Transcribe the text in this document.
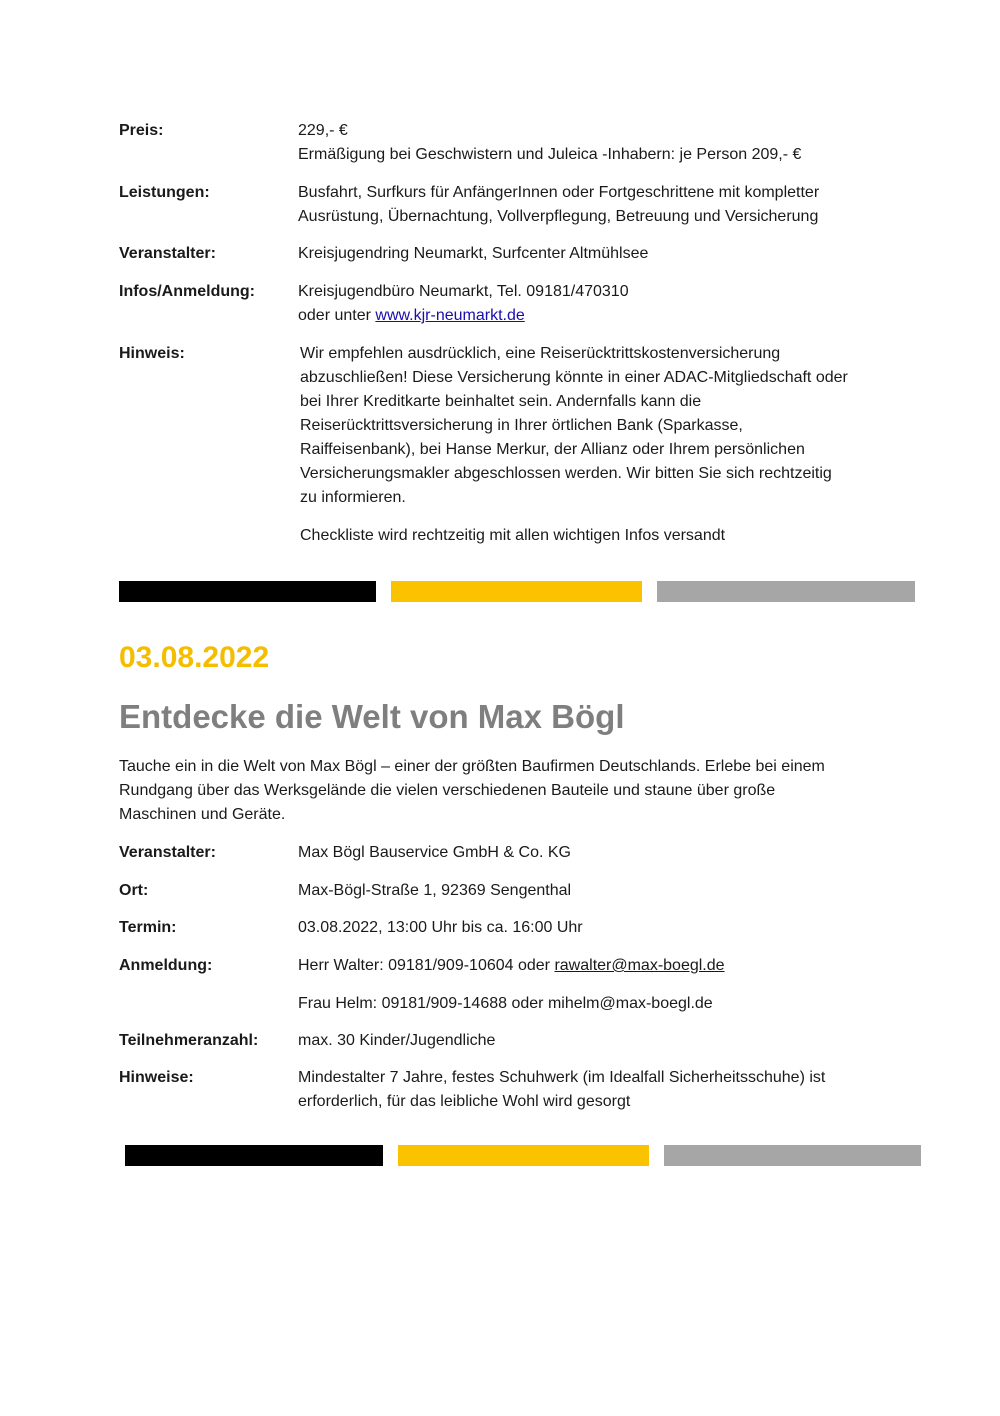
Preis:	229,- €
Ermäßigung bei Geschwistern und Juleica -Inhabern: je Person 209,- €
Leistungen:	Busfahrt, Surfkurs für AnfängerInnen oder Fortgeschrittene mit kompletter
Ausrüstung, Übernachtung, Vollverpflegung, Betreuung und Versicherung
Veranstalter:	Kreisjugendring Neumarkt, Surfcenter Altmühlsee
Infos/Anmeldung:	Kreisjugendbüro Neumarkt, Tel. 09181/470310
oder unter www.kjr-neumarkt.de
Hinweis:	Wir empfehlen ausdrücklich, eine Reiserücktrittskostenversicherung
abzuschließen! Diese Versicherung könnte in einer ADAC-Mitgliedschaft oder
bei Ihrer Kreditkarte beinhaltet sein. Andernfalls kann die
Reiserücktrittsversicherung in Ihrer örtlichen Bank (Sparkasse,
Raiffeisenbank), bei Hanse Merkur, der Allianz oder Ihrem persönlichen
Versicherungsmakler abgeschlossen werden. Wir bitten Sie sich rechtzeitig
zu informieren.
Checkliste wird rechtzeitig mit allen wichtigen Infos versandt
03.08.2022
Entdecke die Welt von Max Bögl
Tauche ein in die Welt von Max Bögl – einer der größten Baufirmen Deutschlands. Erlebe bei einem
Rundgang über das Werksgelände die vielen verschiedenen Bauteile und staune über große
Maschinen und Geräte.
Veranstalter:	Max Bögl Bauservice GmbH & Co. KG
Ort:	Max-Bögl-Straße 1, 92369 Sengenthal
Termin:	03.08.2022, 13:00 Uhr bis ca. 16:00 Uhr
Anmeldung:	Herr Walter: 09181/909-10604 oder rawalter@max-boegl.de
Frau Helm: 09181/909-14688 oder mihelm@max-boegl.de
Teilnehmeranzahl:	max. 30 Kinder/Jugendliche
Hinweise:	Mindestalter 7 Jahre, festes Schuhwerk (im Idealfall Sicherheitsschuhe) ist
erforderlich, für das leibliche Wohl wird gesorgt
